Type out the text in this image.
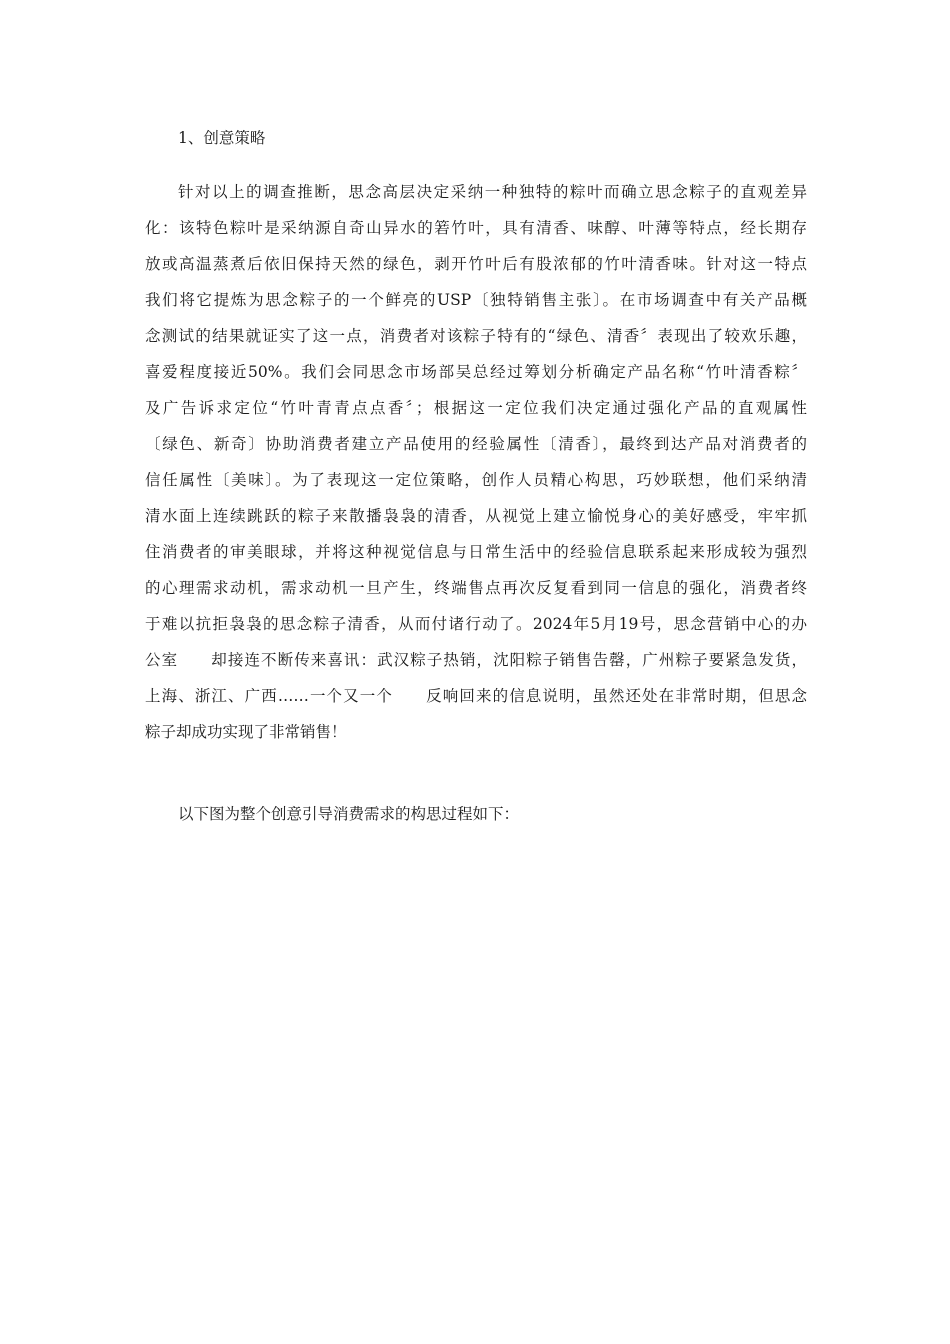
1、创意策略
针对以上的调查推断，思念高层决定采纳一种独特的粽叶而确立思念粽子的直观差异
化：该特色粽叶是采纳源自奇山异水的箬竹叶，具有清香、味醇、叶薄等特点，经长期存
放或高温蒸煮后依旧保持天然的绿色，剥开竹叶后有股浓郁的竹叶清香味。针对这一特点
我们将它提炼为思念粽子的一个鲜亮的USP〔独特销售主张〕。在市场调查中有关产品概
念测试的结果就证实了这一点，消费者对该粽子特有的“绿色、清香〞表现出了较欢乐趣，
喜爱程度接近50%。我们会同思念市场部吴总经过筹划分析确定产品名称“竹叶清香粽〞
及广告诉求定位“竹叶青青点点香〞；根据这一定位我们决定通过强化产品的直观属性
〔绿色、新奇〕协助消费者建立产品使用的经验属性〔清香〕，最终到达产品对消费者的
信任属性〔美味〕。为了表现这一定位策略，创作人员精心构思，巧妙联想，他们采纳清
清水面上连续跳跃的粽子来散播袅袅的清香，从视觉上建立愉悦身心的美好感受，牢牢抓
住消费者的审美眼球，并将这种视觉信息与日常生活中的经验信息联系起来形成较为强烈
的心理需求动机，需求动机一旦产生，终端售点再次反复看到同一信息的强化，消费者终
于难以抗拒袅袅的思念粽子清香，从而付诸行动了。2024年5月19号，思念营销中心的办
公室　　却接连不断传来喜讯：武汉粽子热销，沈阳粽子销售告罄，广州粽子要紧急发货，
上海、浙江、广西……一个又一个　　反响回来的信息说明，虽然还处在非常时期，但思念
粽子却成功实现了非常销售！
以下图为整个创意引导消费需求的构思过程如下：
